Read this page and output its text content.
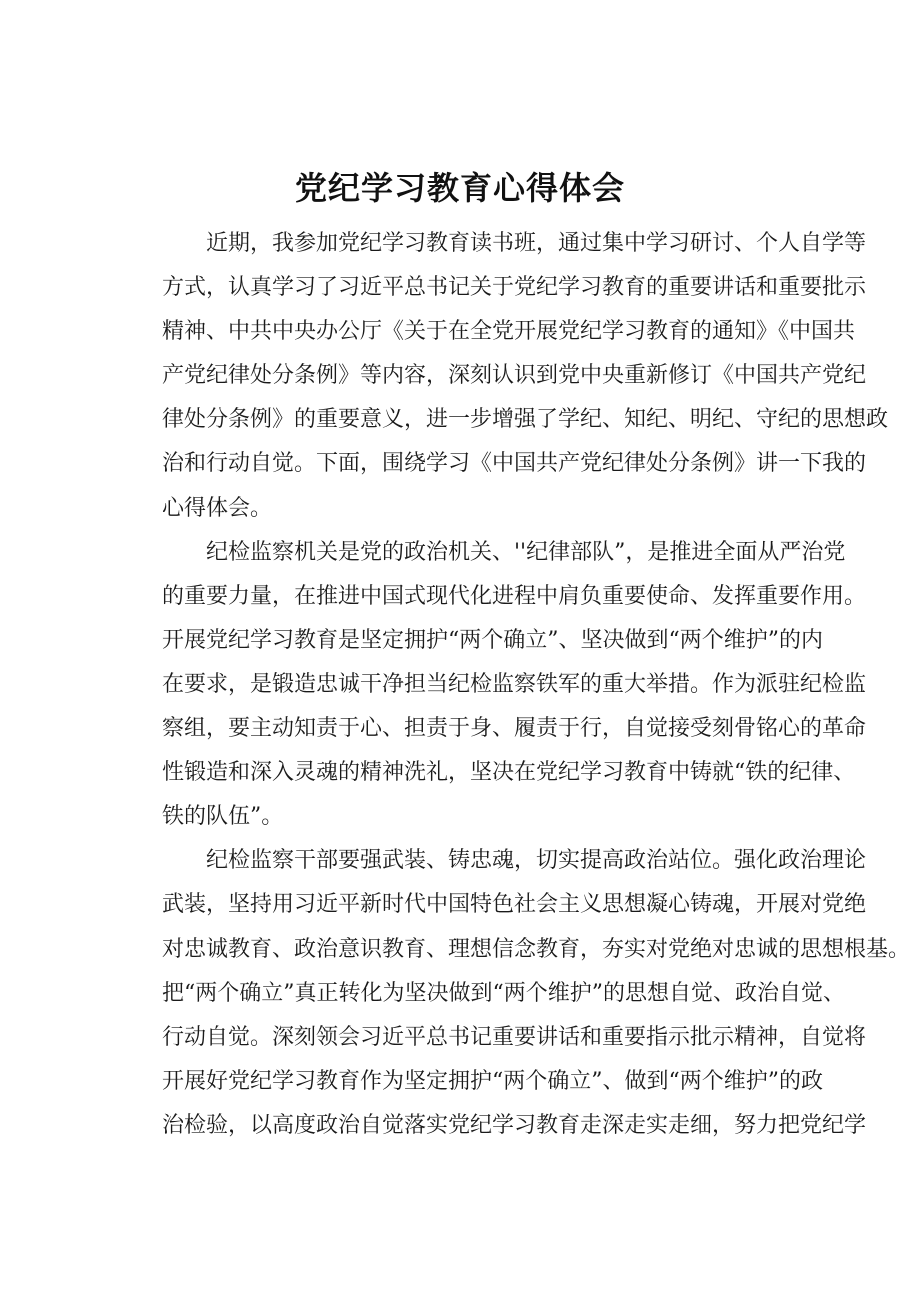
党纪学习教育心得体会
近期，我参加党纪学习教育读书班，通过集中学习研讨、个人自学等
方式，认真学习了习近平总书记关于党纪学习教育的重要讲话和重要批示
精神、中共中央办公厅《关于在全党开展党纪学习教育的通知》《中国共
产党纪律处分条例》等内容，深刻认识到党中央重新修订《中国共产党纪
律处分条例》的重要意义，进一步增强了学纪、知纪、明纪、守纪的思想政
治和行动自觉。下面，围绕学习《中国共产党纪律处分条例》讲一下我的
心得体会。
纪检监察机关是党的政治机关、''纪律部队”，是推进全面从严治党
的重要力量，在推进中国式现代化进程中肩负重要使命、发挥重要作用。
开展党纪学习教育是坚定拥护“两个确立”、坚决做到“两个维护”的内
在要求，是锻造忠诚干净担当纪检监察铁军的重大举措。作为派驻纪检监
察组，要主动知责于心、担责于身、履责于行，自觉接受刻骨铭心的革命
性锻造和深入灵魂的精神洗礼，坚决在党纪学习教育中铸就“铁的纪律、
铁的队伍”。
纪检监察干部要强武装、铸忠魂，切实提高政治站位。强化政治理论
武装，坚持用习近平新时代中国特色社会主义思想凝心铸魂，开展对党绝
对忠诚教育、政治意识教育、理想信念教育，夯实对党绝对忠诚的思想根基。
把“两个确立”真正转化为坚决做到“两个维护”的思想自觉、政治自觉、
行动自觉。深刻领会习近平总书记重要讲话和重要指示批示精神，自觉将
开展好党纪学习教育作为坚定拥护“两个确立”、做到“两个维护”的政
治检验，以高度政治自觉落实党纪学习教育走深走实走细，努力把党纪学
